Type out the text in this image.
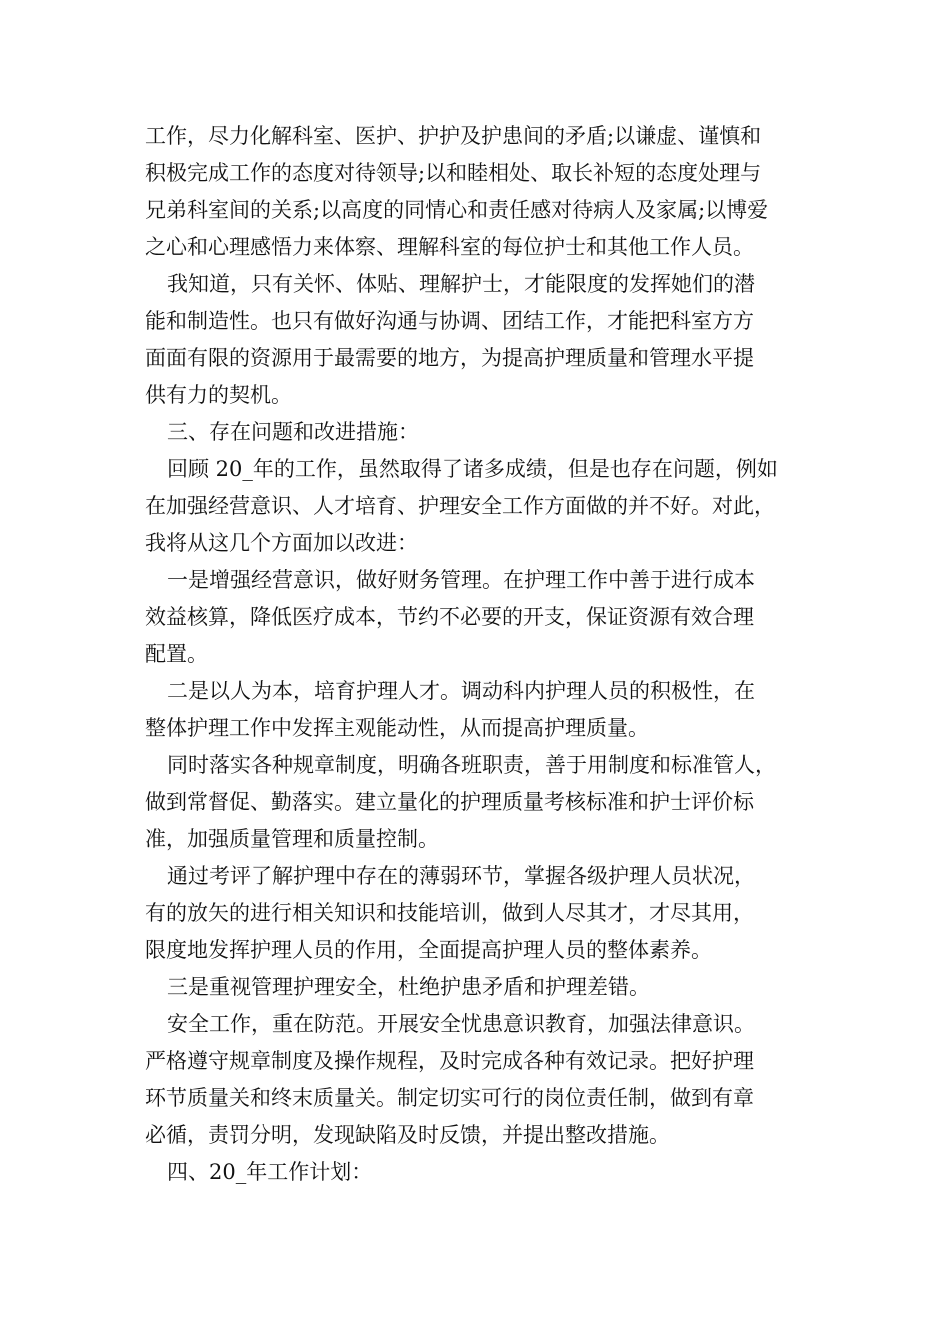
工作，尽力化解科室、医护、护护及护患间的矛盾;以谦虚、谨慎和
积极完成工作的态度对待领导;以和睦相处、取长补短的态度处理与
兄弟科室间的关系;以高度的同情心和责任感对待病人及家属;以博爱
之心和心理感悟力来体察、理解科室的每位护士和其他工作人员。
我知道，只有关怀、体贴、理解护士，才能限度的发挥她们的潜
能和制造性。也只有做好沟通与协调、团结工作，才能把科室方方
面面有限的资源用于最需要的地方，为提高护理质量和管理水平提
供有力的契机。
三、存在问题和改进措施：
回顾 20_年的工作，虽然取得了诸多成绩，但是也存在问题，例如
在加强经营意识、人才培育、护理安全工作方面做的并不好。对此，
我将从这几个方面加以改进：
一是增强经营意识，做好财务管理。在护理工作中善于进行成本
效益核算，降低医疗成本，节约不必要的开支，保证资源有效合理
配置。
二是以人为本，培育护理人才。调动科内护理人员的积极性，在
整体护理工作中发挥主观能动性，从而提高护理质量。
同时落实各种规章制度，明确各班职责，善于用制度和标准管人，
做到常督促、勤落实。建立量化的护理质量考核标准和护士评价标
准，加强质量管理和质量控制。
通过考评了解护理中存在的薄弱环节，掌握各级护理人员状况，
有的放矢的进行相关知识和技能培训，做到人尽其才，才尽其用，
限度地发挥护理人员的作用，全面提高护理人员的整体素养。
三是重视管理护理安全，杜绝护患矛盾和护理差错。
安全工作，重在防范。开展安全忧患意识教育，加强法律意识。
严格遵守规章制度及操作规程，及时完成各种有效记录。把好护理
环节质量关和终末质量关。制定切实可行的岗位责任制，做到有章
必循，责罚分明，发现缺陷及时反馈，并提出整改措施。
四、20_年工作计划：
